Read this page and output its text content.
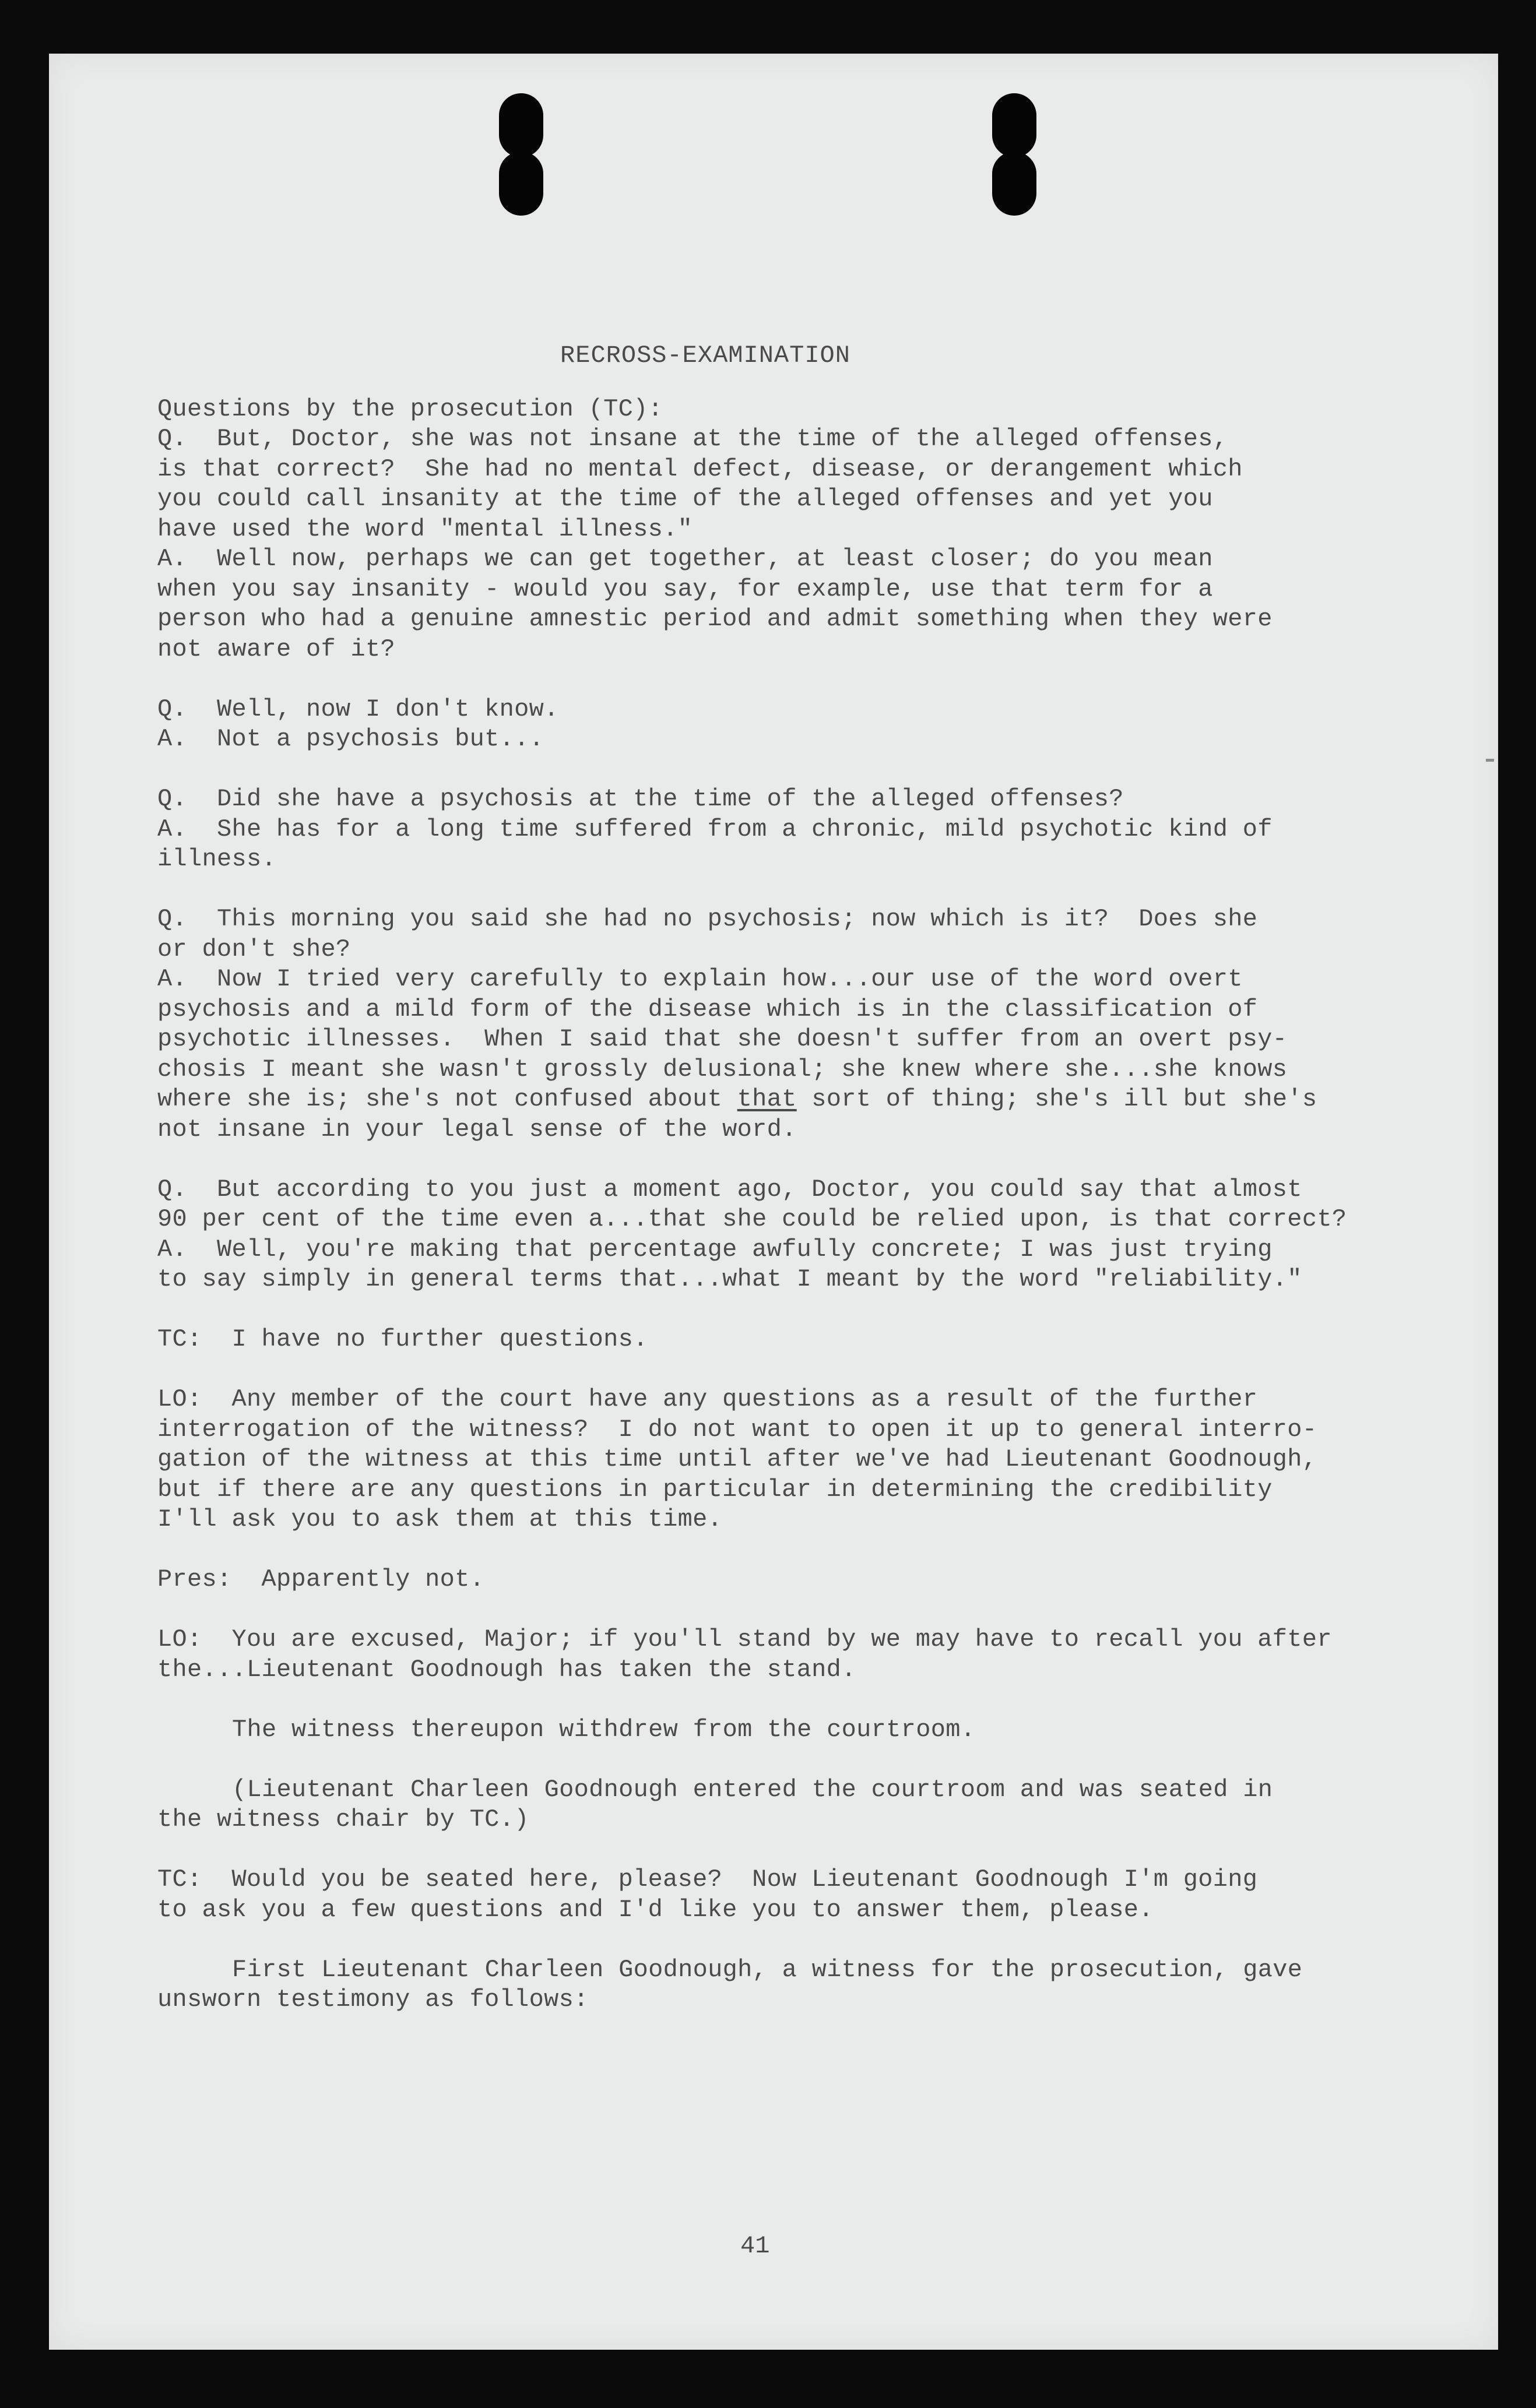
RECROSS-EXAMINATION
Questions by the prosecution (TC):
Q.  But, Doctor, she was not insane at the time of the alleged offenses,
is that correct?  She had no mental defect, disease, or derangement which
you could call insanity at the time of the alleged offenses and yet you
have used the word "mental illness."
A.  Well now, perhaps we can get together, at least closer; do you mean
when you say insanity - would you say, for example, use that term for a
person who had a genuine amnestic period and admit something when they were
not aware of it?
Q.  Well, now I don't know.
A.  Not a psychosis but...
Q.  Did she have a psychosis at the time of the alleged offenses?
A.  She has for a long time suffered from a chronic, mild psychotic kind of
illness.
Q.  This morning you said she had no psychosis; now which is it?  Does she
or don't she?
A.  Now I tried very carefully to explain how...our use of the word overt
psychosis and a mild form of the disease which is in the classification of
psychotic illnesses.  When I said that she doesn't suffer from an overt psy-
chosis I meant she wasn't grossly delusional; she knew where she...she knows
where she is; she's not confused about that sort of thing; she's ill but she's
not insane in your legal sense of the word.
Q.  But according to you just a moment ago, Doctor, you could say that almost
90 per cent of the time even a...that she could be relied upon, is that correct?
A.  Well, you're making that percentage awfully concrete; I was just trying
to say simply in general terms that...what I meant by the word "reliability."
TC:  I have no further questions.
LO:  Any member of the court have any questions as a result of the further
interrogation of the witness?  I do not want to open it up to general interro-
gation of the witness at this time until after we've had Lieutenant Goodnough,
but if there are any questions in particular in determining the credibility
I'll ask you to ask them at this time.
Pres:  Apparently not.
LO:  You are excused, Major; if you'll stand by we may have to recall you after
the...Lieutenant Goodnough has taken the stand.
The witness thereupon withdrew from the courtroom.
(Lieutenant Charleen Goodnough entered the courtroom and was seated in
the witness chair by TC.)
TC:  Would you be seated here, please?  Now Lieutenant Goodnough I'm going
to ask you a few questions and I'd like you to answer them, please.
First Lieutenant Charleen Goodnough, a witness for the prosecution, gave
unsworn testimony as follows:
41
